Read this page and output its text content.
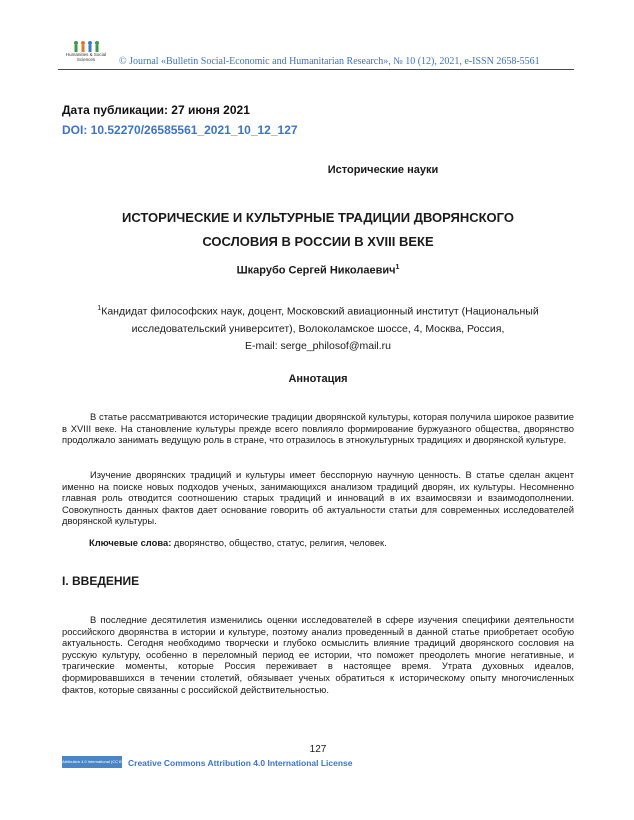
Humanities & Social
Sciences	© Journal «Bulletin Social-Economic and Humanitarian Research», № 10 (12), 2021, e-ISSN 2658-5561
Дата публикации: 27 июня 2021
DOI: 10.52270/26585561_2021_10_12_127
Исторические науки
ИСТОРИЧЕСКИЕ И КУЛЬТУРНЫЕ ТРАДИЦИИ ДВОРЯНСКОГО
СОСЛОВИЯ В РОССИИ В XVIII ВЕКЕ
Шкарубо Сергей Николаевич$^1$
$^1$Кандидат философских наук, доцент, Московский авиационный институт (Национальный
исследовательский университет), Волоколамское шоссе, 4, Москва, Россия,
E-mail: serge_philosof@mail.ru
Аннотация

В статье рассматриваются исторические традиции дворянской культуры, которая получила широкое развитие в XVIII веке. На становление культуры прежде всего повлияло формирование буржуазного общества, дворянство продолжало занимать ведущую роль в стране, что отразилось в этнокультурных традициях и дворянской культуре.

Изучение дворянских традиций и культуры имеет бесспорную научную ценность. В статье сделан акцент именно на поиске новых подходов ученых, занимающихся анализом традиций дворян, их культуры. Несомненно главная роль отводится соотношению старых традиций и инноваций в их взаимосвязи и взаимодополнении. Совокупность данных фактов дает основание говорить об актуальности статьи для современных исследователей дворянской культуры.

Ключевые слова: дворянство, общество, статус, религия, человек.
I. ВВЕДЕНИЕ

В последние десятилетия изменились оценки исследователей в сфере изучения специфики деятельности российского дворянства в истории и культуре, поэтому анализ проведенный в данной статье приобретает особую актуальность. Сегодня необходимо творчески и глубоко осмыслить влияние традиций дворянского сословия на русскую культуру, особенно в переломный период ее истории, что поможет преодолеть многие негативные, и трагические моменты, которые Россия переживает в настоящее время. Утрата духовных идеалов, формировавшихся в течении столетий, обязывает ученых обратиться к историческому опыту многочисленных фактов, которые связанны с российской действительностью.

127
Attribution 4.0 International (CC BY 4.0)
Creative Commons Attribution 4.0 International License
